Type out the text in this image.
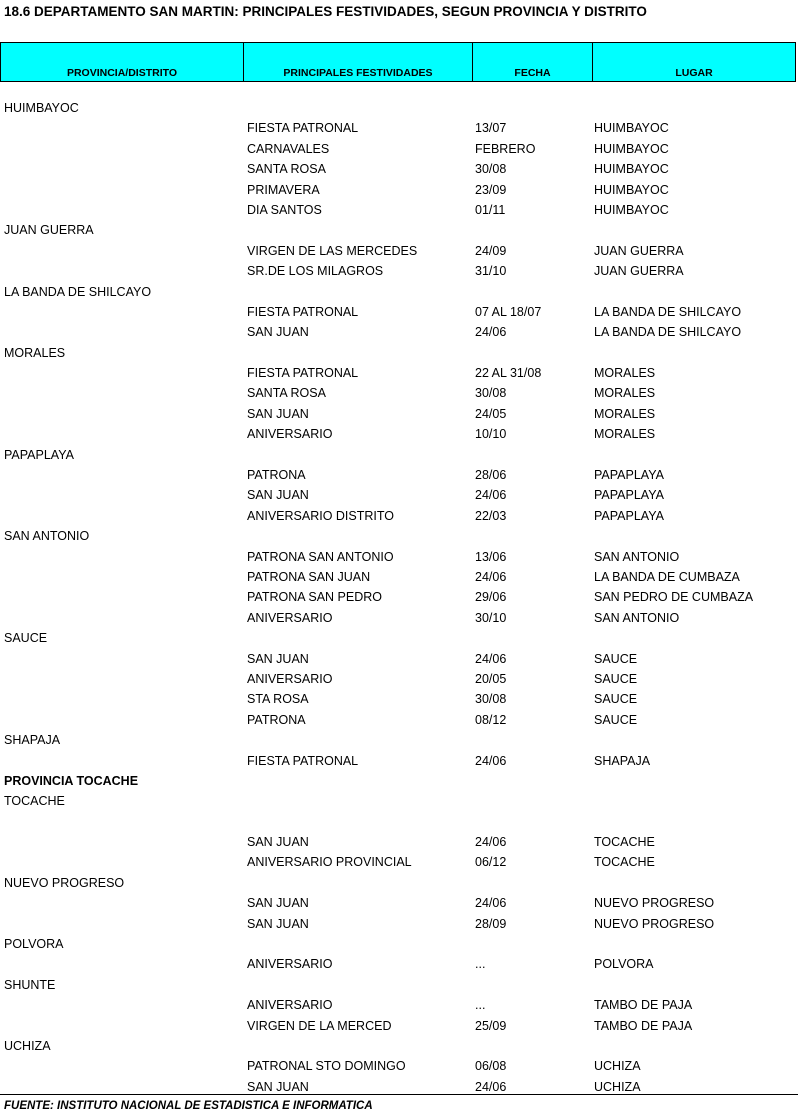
18.6 DEPARTAMENTO SAN MARTIN: PRINCIPALES FESTIVIDADES, SEGUN PROVINCIA Y DISTRITO
PROVINCIA/DISTRITO	PRINCIPALES FESTIVIDADES	FECHA	LUGAR
HUIMBAYOC
FIESTA PATRONAL	13/07	HUIMBAYOC
CARNAVALES	FEBRERO	HUIMBAYOC
SANTA ROSA	30/08	HUIMBAYOC
PRIMAVERA	23/09	HUIMBAYOC
DIA SANTOS	01/11	HUIMBAYOC
JUAN GUERRA
VIRGEN DE LAS MERCEDES	24/09	JUAN GUERRA
SR.DE LOS MILAGROS	31/10	JUAN GUERRA
LA BANDA DE SHILCAYO
FIESTA PATRONAL	07 AL 18/07	LA BANDA DE SHILCAYO
SAN JUAN	24/06	LA BANDA DE SHILCAYO
MORALES
FIESTA PATRONAL	22 AL 31/08	MORALES
SANTA ROSA	30/08	MORALES
SAN JUAN	24/05	MORALES
ANIVERSARIO	10/10	MORALES
PAPAPLAYA
PATRONA	28/06	PAPAPLAYA
SAN JUAN	24/06	PAPAPLAYA
ANIVERSARIO DISTRITO	22/03	PAPAPLAYA
SAN ANTONIO
PATRONA SAN ANTONIO	13/06	SAN ANTONIO
PATRONA SAN JUAN	24/06	LA BANDA DE CUMBAZA
PATRONA SAN PEDRO	29/06	SAN PEDRO DE CUMBAZA
ANIVERSARIO	30/10	SAN ANTONIO
SAUCE
SAN JUAN	24/06	SAUCE
ANIVERSARIO	20/05	SAUCE
STA ROSA	30/08	SAUCE
PATRONA	08/12	SAUCE
SHAPAJA
FIESTA PATRONAL	24/06	SHAPAJA
PROVINCIA TOCACHE
TOCACHE
SAN JUAN	24/06	TOCACHE
ANIVERSARIO PROVINCIAL	06/12	TOCACHE
NUEVO PROGRESO
SAN JUAN	24/06	NUEVO PROGRESO
SAN JUAN	28/09	NUEVO PROGRESO
POLVORA
ANIVERSARIO	...	POLVORA
SHUNTE
ANIVERSARIO	...	TAMBO DE PAJA
VIRGEN DE LA MERCED	25/09	TAMBO DE PAJA
UCHIZA
PATRONAL STO DOMINGO	06/08	UCHIZA
SAN JUAN	24/06	UCHIZA
FUENTE: INSTITUTO NACIONAL DE ESTADISTICA E INFORMATICA
